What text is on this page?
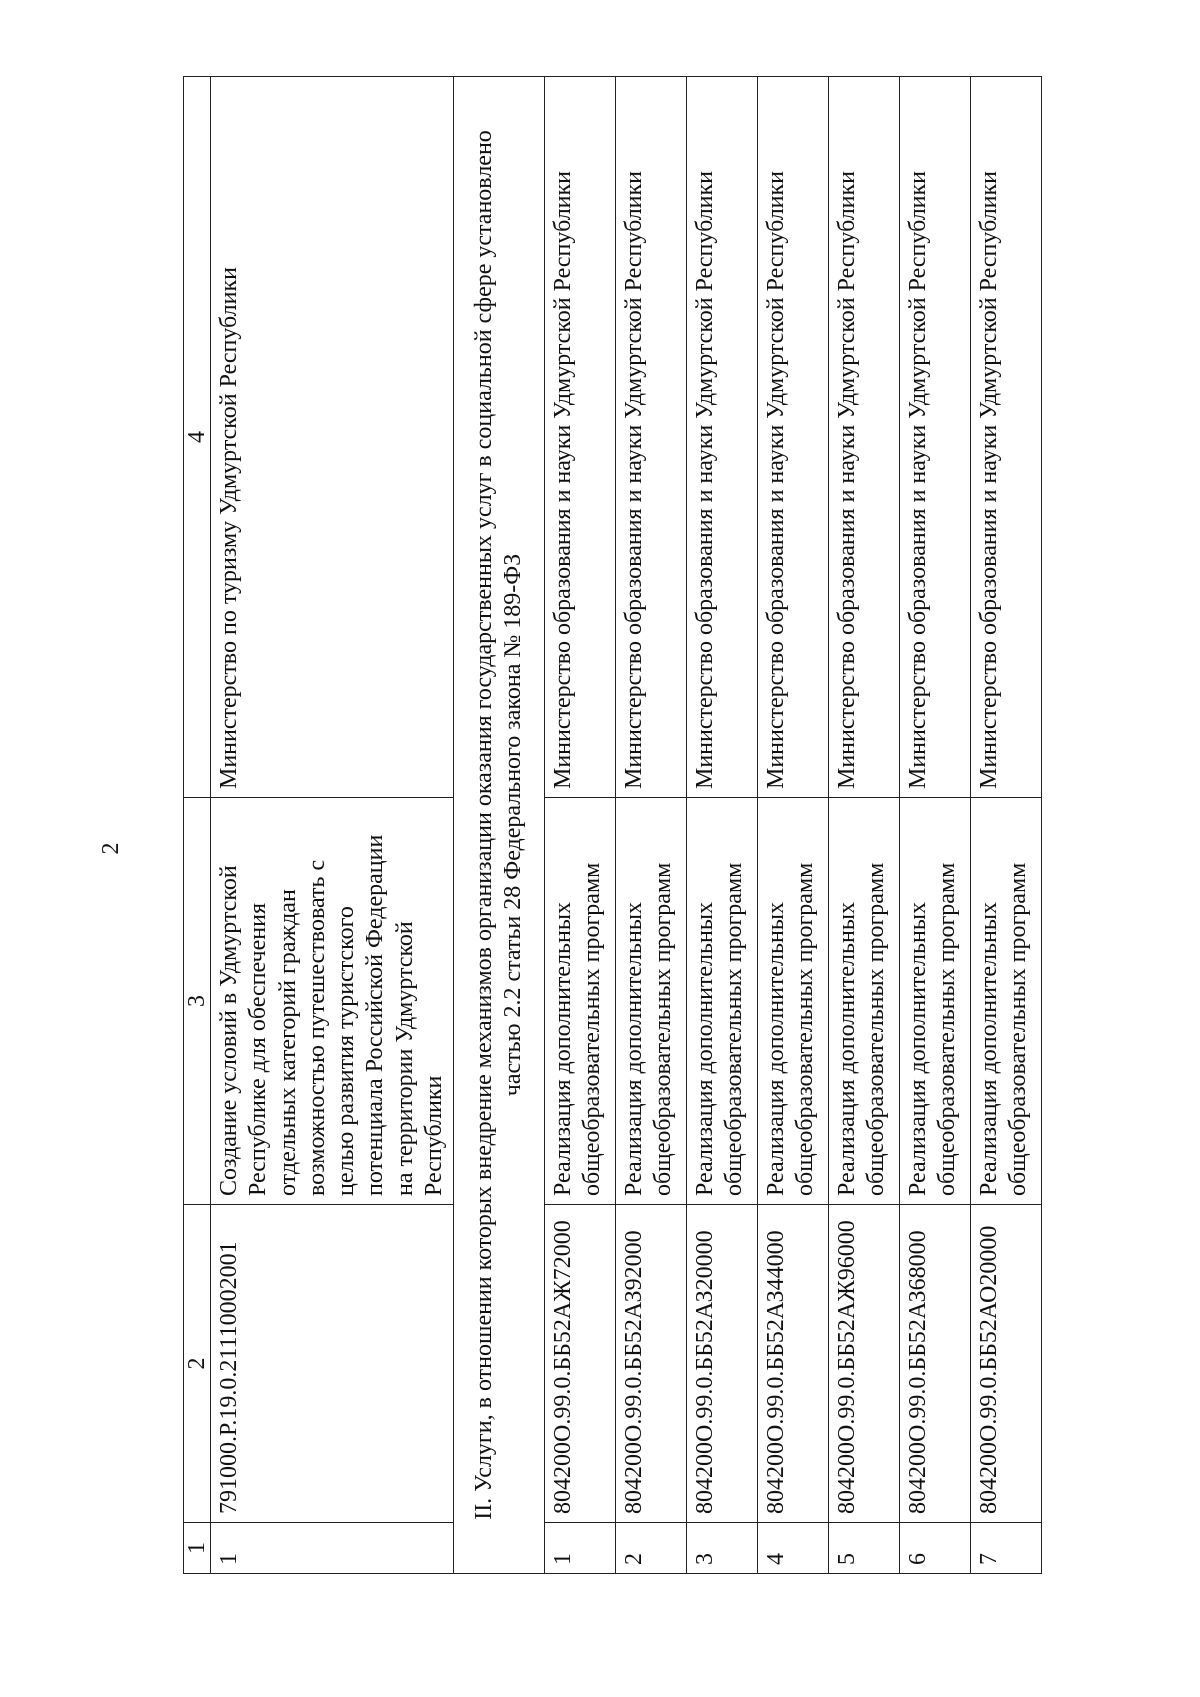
2
1	2	3	4
1	791000.Р.19.0.21110002001	Создание условий в Удмуртской Республике для обеспечения отдельных категорий граждан возможностью путешествовать с целью развития туристского потенциала Российской Федерации на территории Удмуртской Республики	Министерство по туризму Удмуртской Республики
II. Услуги, в отношении которых внедрение механизмов организации оказания государственных услуг в социальной сфере установлено частью 2.2 статьи 28 Федерального закона № 189-ФЗ			
1	804200О.99.0.ББ52АЖ72000	Реализация дополнительных общеобразовательных программ	Министерство образования и науки Удмуртской Республики
2	804200О.99.0.ББ52АЗ92000	Реализация дополнительных общеобразовательных программ	Министерство образования и науки Удмуртской Республики
3	804200О.99.0.ББ52АЗ20000	Реализация дополнительных общеобразовательных программ	Министерство образования и науки Удмуртской Республики
4	804200О.99.0.ББ52АЗ44000	Реализация дополнительных общеобразовательных программ	Министерство образования и науки Удмуртской Республики
5	804200О.99.0.ББ52АЖ96000	Реализация дополнительных общеобразовательных программ	Министерство образования и науки Удмуртской Республики
6	804200О.99.0.ББ52АЗ68000	Реализация дополнительных общеобразовательных программ	Министерство образования и науки Удмуртской Республики
7	804200О.99.0.ББ52АО20000	Реализация дополнительных общеобразовательных программ	Министерство образования и науки Удмуртской Республики
